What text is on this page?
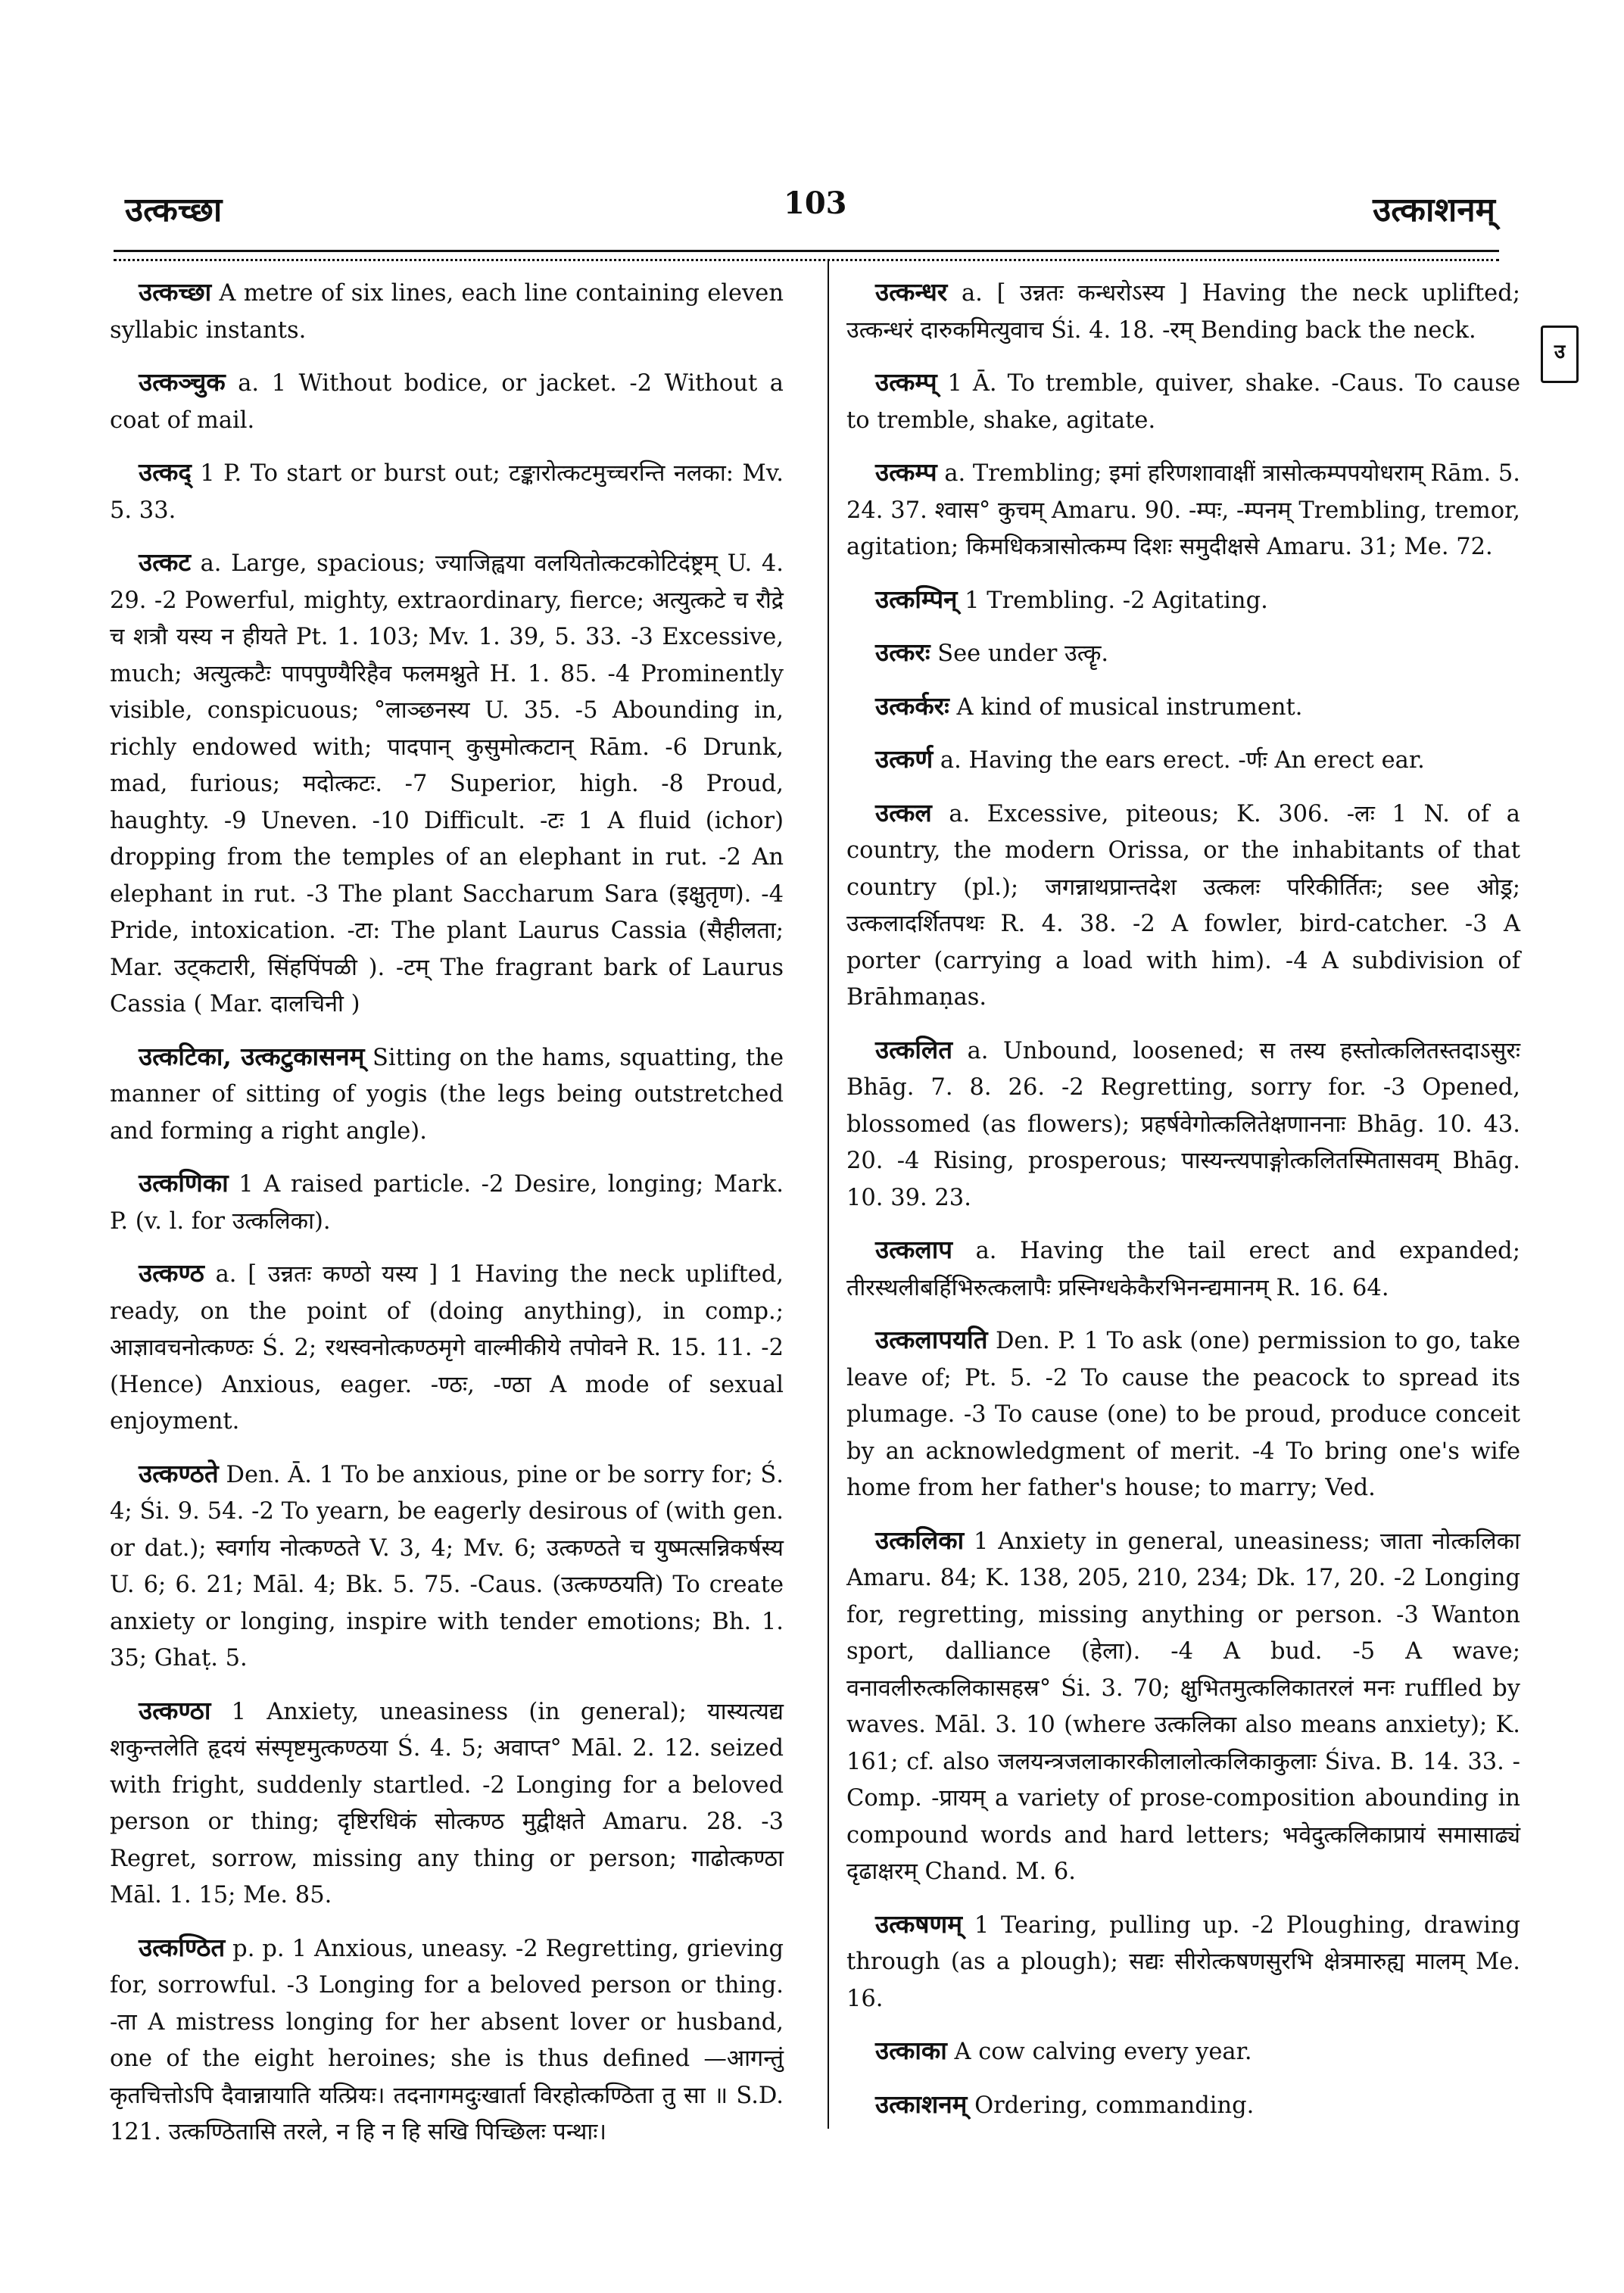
उत्कच्छा	103	उत्काशनम्
उ

उत्कच्छा A metre of six lines, each line containing eleven syllabic instants.

उत्कञ्चुक a. 1 Without bodice, or jacket. -2 Without a coat of mail.

उत्कद् 1 P. To start or burst out; टङ्कारोत्कटमुच्चरन्ति नलका: Mv. 5. 33.

उत्कट a. Large, spacious; ज्याजिह्वया वलयितोत्कटकोटिदंष्ट्रम् U. 4. 29. -2 Powerful, mighty, extraordinary, fierce; अत्युत्कटे च रौद्रे च शत्रौ यस्य न हीयते Pt. 1. 103; Mv. 1. 39, 5. 33. -3 Excessive, much; अत्युत्कटैः पापपुण्यैरिहैव फलमश्नुते H. 1. 85. -4 Prominently visible, conspicuous; °लाञ्छनस्य U. 35. -5 Abounding in, richly endowed with; पादपान् कुसुमोत्कटान् Rām. -6 Drunk, mad, furious; मदोत्कटः. -7 Superior, high. -8 Proud, haughty. -9 Uneven. -10 Difficult. -टः 1 A fluid (ichor) dropping from the temples of an elephant in rut. -2 An elephant in rut. -3 The plant Saccharum Sara (इक्षुतृण). -4 Pride, intoxication. -टा: The plant Laurus Cassia (सैहीलता; Mar. उट्कटारी, सिंहपिंपळी ). -टम् The fragrant bark of Laurus Cassia ( Mar. दालचिनी )

उत्कटिका, उत्कटुकासनम् Sitting on the hams, squatting, the manner of sitting of yogis (the legs being outstretched and forming a right angle).

उत्कणिका 1 A raised particle. -2 Desire, longing; Mark. P. (v. l. for उत्कलिका).

उत्कण्ठ a. [ उन्नतः कण्ठो यस्य ] 1 Having the neck uplifted, ready, on the point of (doing anything), in comp.; आज्ञावचनोत्कण्ठः Ś. 2; रथस्वनोत्कण्ठमृगे वाल्मीकीये तपोवने R. 15. 11. -2 (Hence) Anxious, eager. -ण्ठः, -ण्ठा A mode of sexual enjoyment.

उत्कण्ठते Den. Ā. 1 To be anxious, pine or be sorry for; Ś. 4; Śi. 9. 54. -2 To yearn, be eagerly desirous of (with gen. or dat.); स्वर्गाय नोत्कण्ठते V. 3, 4; Mv. 6; उत्कण्ठते च युष्मत्सन्निकर्षस्य U. 6; 6. 21; Māl. 4; Bk. 5. 75. -Caus. (उत्कण्ठयति) To create anxiety or longing, inspire with tender emotions; Bh. 1. 35; Ghaṭ. 5.

उत्कण्ठा 1 Anxiety, uneasiness (in general); यास्यत्यद्य शकुन्तलेति हृदयं संस्पृष्टमुत्कण्ठया Ś. 4. 5; अवाप्त° Māl. 2. 12. seized with fright, suddenly startled. -2 Longing for a beloved person or thing; दृष्टिरधिकं सोत्कण्ठ मुद्वीक्षते Amaru. 28. -3 Regret, sorrow, missing any thing or person; गाढोत्कण्ठा Māl. 1. 15; Me. 85.

उत्कण्ठित p. p. 1 Anxious, uneasy. -2 Regretting, grieving for, sorrowful. -3 Longing for a beloved person or thing. -ता A mistress longing for her absent lover or husband, one of the eight heroines; she is thus defined —आगन्तुं कृतचित्तोऽपि दैवान्नायाति यत्प्रियः। तदनागमदुःखार्ता विरहोत्कण्ठिता तु सा ॥ S.D. 121. उत्कण्ठितासि तरले, न हि न हि सखि पिच्छिलः पन्थाः।

उत्कन्धर a. [ उन्नतः कन्धरोऽस्य ] Having the neck uplifted; उत्कन्धरं दारुकमित्युवाच Śi. 4. 18. -रम् Bending back the neck.

उत्कम्प् 1 Ā. To tremble, quiver, shake. -Caus. To cause to tremble, shake, agitate.

उत्कम्प a. Trembling; इमां हरिणशावाक्षीं त्रासोत्कम्पपयोधराम् Rām. 5. 24. 37. श्वास° कुचम् Amaru. 90. -म्पः, -म्पनम् Trembling, tremor, agitation; किमधिकत्रासोत्कम्प दिशः समुदीक्षसे Amaru. 31; Me. 72.

उत्कम्पिन् 1 Trembling. -2 Agitating.

उत्करः See under उत्कॄ.

उत्कर्करः A kind of musical instrument.

उत्कर्ण a. Having the ears erect. -र्णः An erect ear.

उत्कल a. Excessive, piteous; K. 306. -लः 1 N. of a country, the modern Orissa, or the inhabitants of that country (pl.); जगन्नाथप्रान्तदेश उत्कलः परिकीर्तितः; see ओड्र; उत्कलादर्शितपथः R. 4. 38. -2 A fowler, bird-catcher. -3 A porter (carrying a load with him). -4 A subdivision of Brāhmaṇas.

उत्कलित a. Unbound, loosened; स तस्य हस्तोत्कलितस्तदाऽसुरः Bhāg. 7. 8. 26. -2 Regretting, sorry for. -3 Opened, blossomed (as flowers); प्रहर्षवेगोत्कलितेक्षणाननाः Bhāg. 10. 43. 20. -4 Rising, prosperous; पास्यन्त्यपाङ्गोत्कलितस्मितासवम् Bhāg. 10. 39. 23.

उत्कलाप a. Having the tail erect and expanded; तीरस्थलीबर्हिभिरुत्कलापैः प्रस्निग्धकेकैरभिनन्द्यमानम् R. 16. 64.

उत्कलापयति Den. P. 1 To ask (one) permission to go, take leave of; Pt. 5. -2 To cause the peacock to spread its plumage. -3 To cause (one) to be proud, produce conceit by an acknowledgment of merit. -4 To bring one's wife home from her father's house; to marry; Ved.

उत्कलिका 1 Anxiety in general, uneasiness; जाता नोत्कलिका Amaru. 84; K. 138, 205, 210, 234; Dk. 17, 20. -2 Longing for, regretting, missing anything or person. -3 Wanton sport, dalliance (हेला). -4 A bud. -5 A wave; वनावलीरुत्कलिकासहस्र° Śi. 3. 70; क्षुभितमुत्कलिकातरलं मनः ruffled by waves. Māl. 3. 10 (where उत्कलिका also means anxiety); K. 161; cf. also जलयन्त्रजलाकारकीलालोत्कलिकाकुलाः Śiva. B. 14. 33. -Comp. -प्रायम् a variety of prose-composition abounding in compound words and hard letters; भवेदुत्कलिकाप्रायं समासाढ्यं दृढाक्षरम् Chand. M. 6.

उत्कषणम् 1 Tearing, pulling up. -2 Ploughing, drawing through (as a plough); सद्यः सीरोत्कषणसुरभि क्षेत्रमारुह्य मालम् Me. 16.

उत्काका A cow calving every year.

उत्काशनम् Ordering, commanding.
